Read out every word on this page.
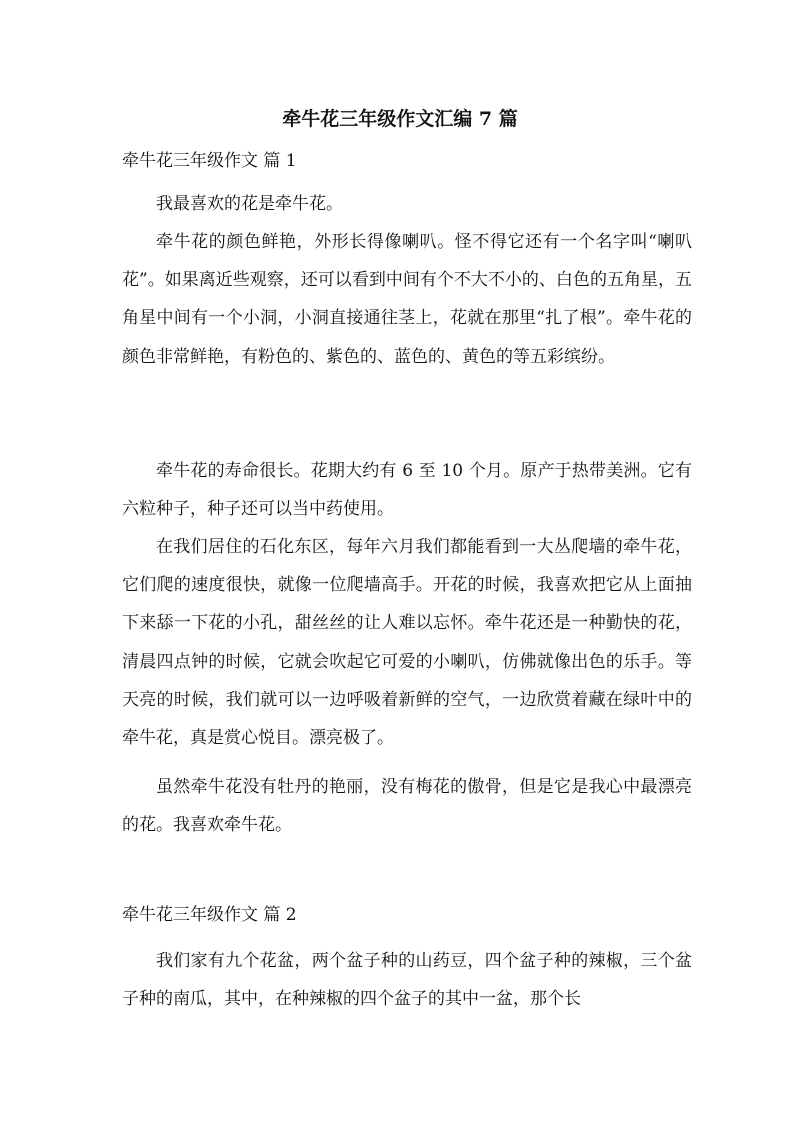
牵牛花三年级作文汇编 7 篇
牵牛花三年级作文 篇 1

我最喜欢的花是牵牛花。

牵牛花的颜色鲜艳，外形长得像喇叭。怪不得它还有一个名字叫“喇叭花”。如果离近些观察，还可以看到中间有个不大不小的、白色的五角星，五角星中间有一个小洞，小洞直接通往茎上，花就在那里“扎了根”。牵牛花的颜色非常鲜艳，有粉色的、紫色的、蓝色的、黄色的等五彩缤纷。

牵牛花的寿命很长。花期大约有 6 至 10 个月。原产于热带美洲。它有六粒种子，种子还可以当中药使用。

在我们居住的石化东区，每年六月我们都能看到一大丛爬墙的牵牛花，它们爬的速度很快，就像一位爬墙高手。开花的时候，我喜欢把它从上面抽下来舔一下花的小孔，甜丝丝的让人难以忘怀。牵牛花还是一种勤快的花，清晨四点钟的时候，它就会吹起它可爱的小喇叭，仿佛就像出色的乐手。等天亮的时候，我们就可以一边呼吸着新鲜的空气，一边欣赏着藏在绿叶中的牵牛花，真是赏心悦目。漂亮极了。

虽然牵牛花没有牡丹的艳丽，没有梅花的傲骨，但是它是我心中最漂亮的花。我喜欢牵牛花。

牵牛花三年级作文 篇 2

我们家有九个花盆，两个盆子种的山药豆，四个盆子种的辣椒，三个盆子种的南瓜，其中，在种辣椒的四个盆子的其中一盆，那个长
